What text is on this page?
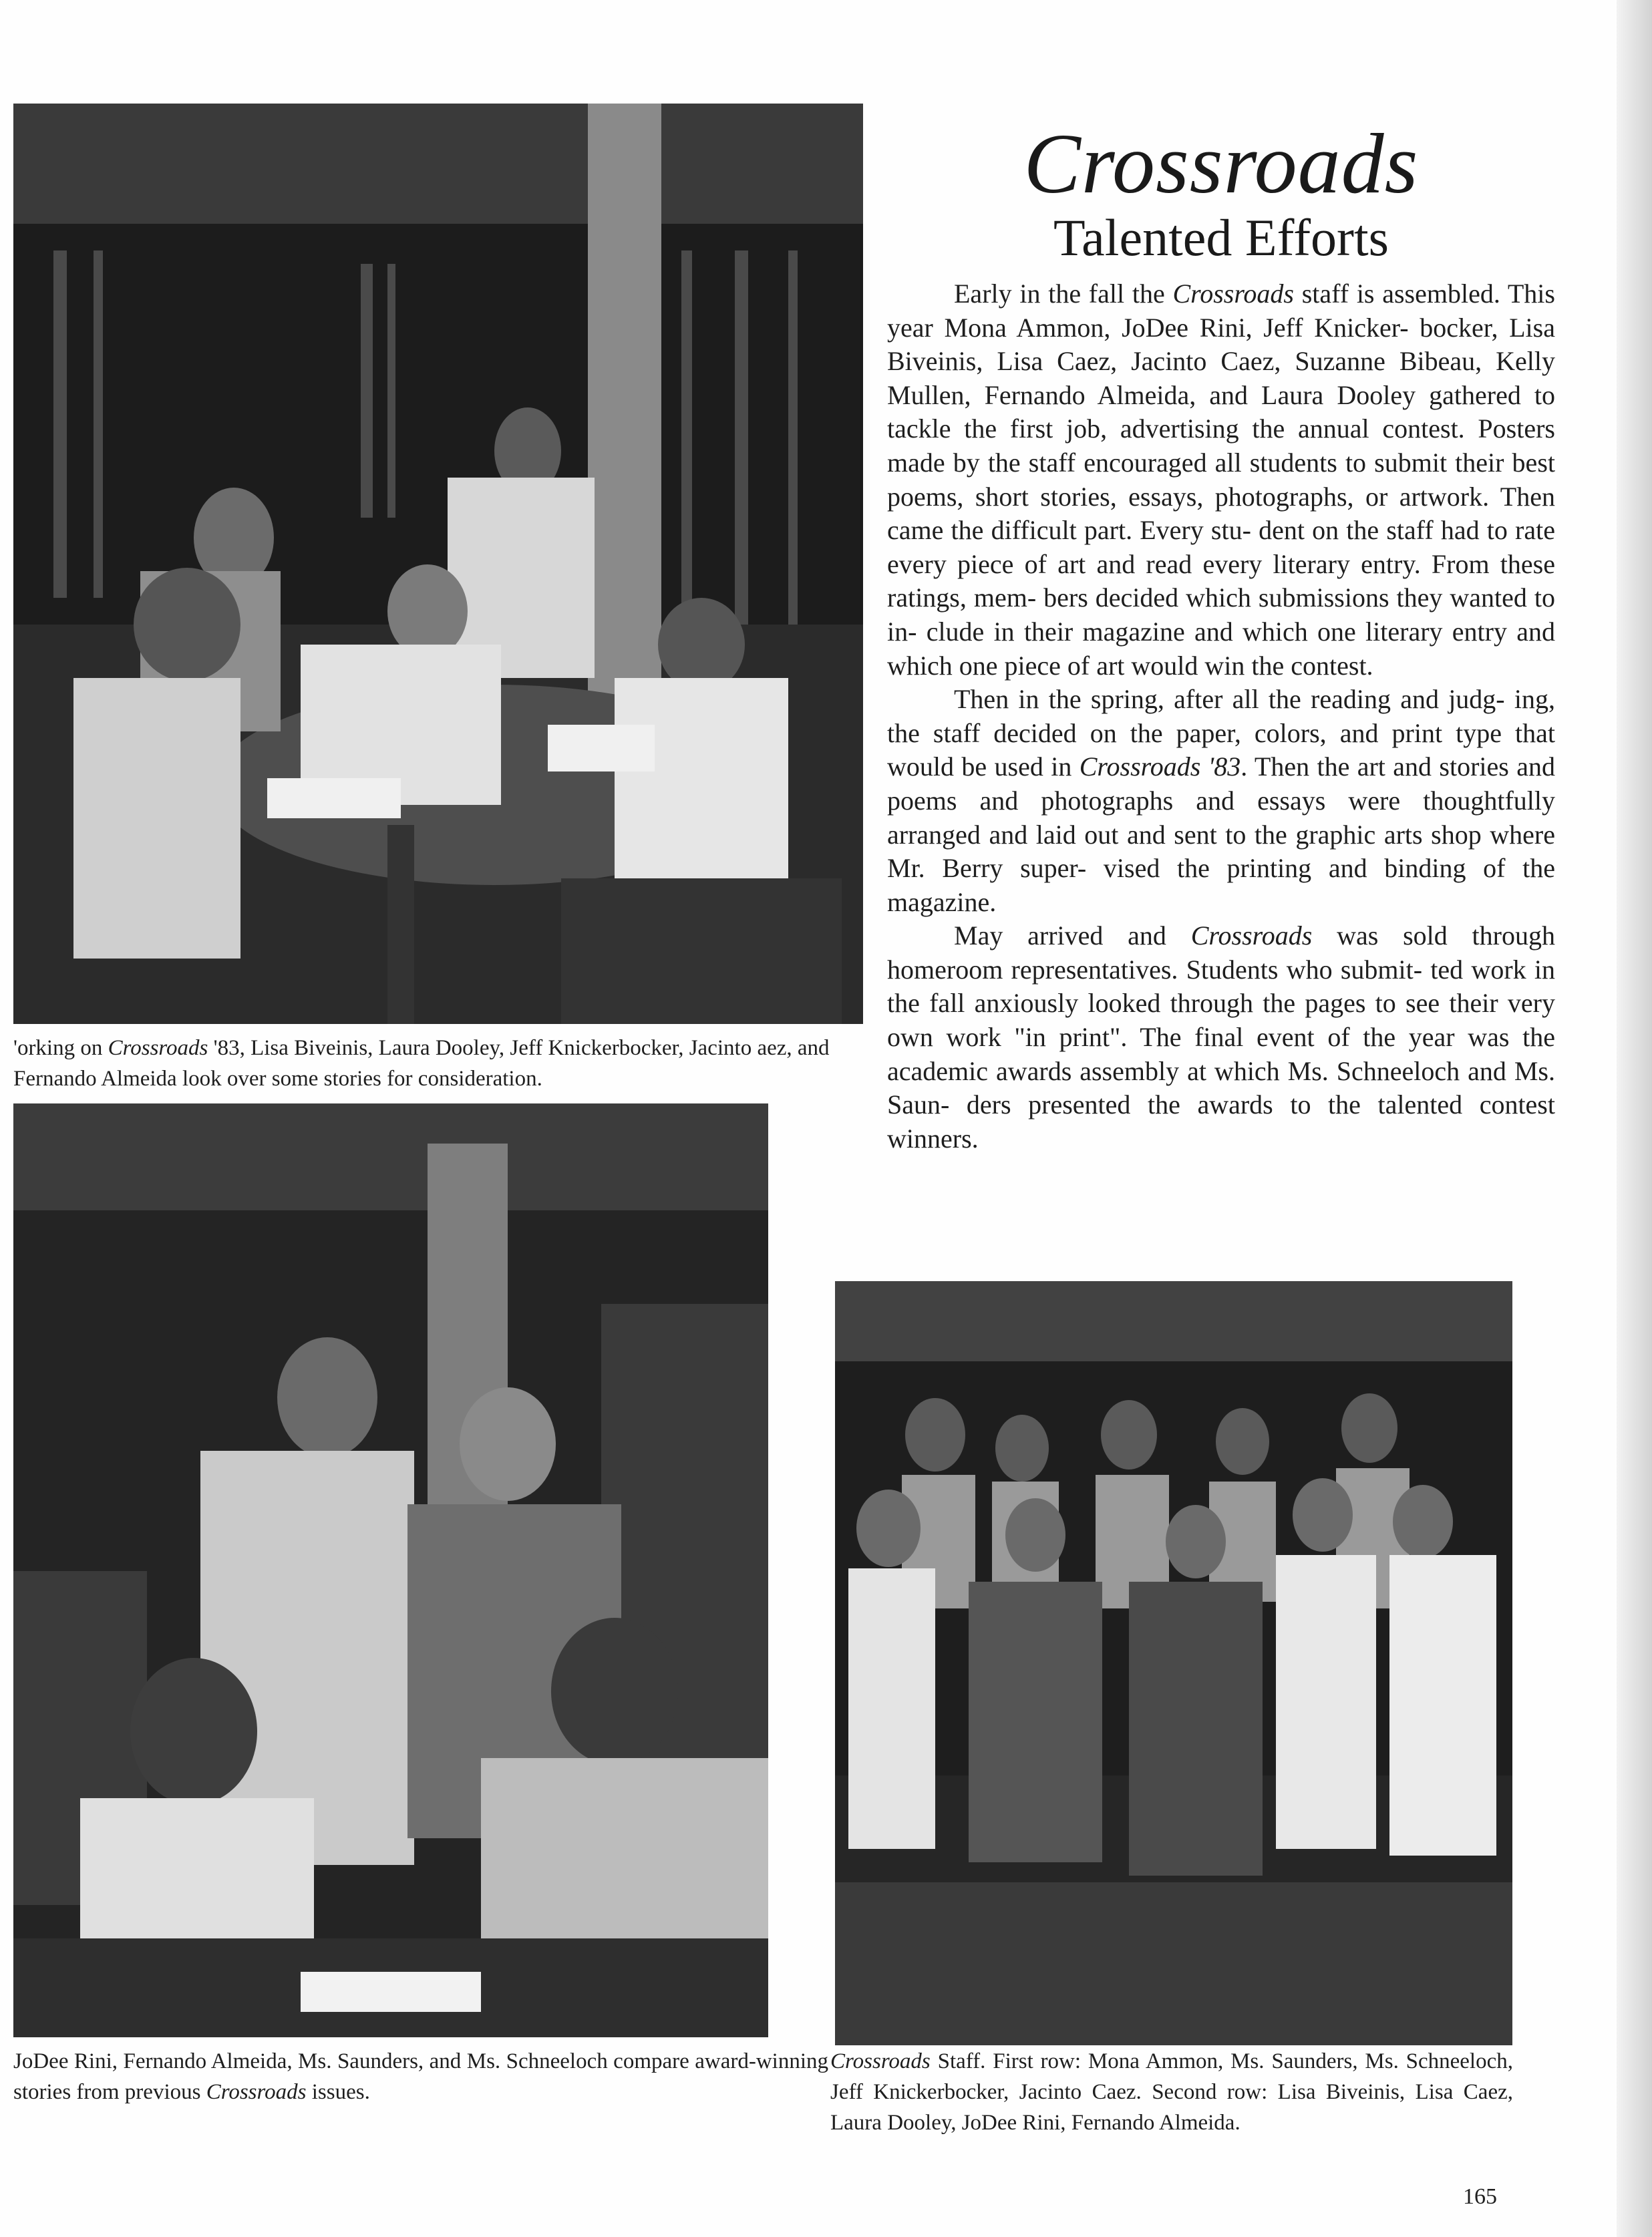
'orking on Crossroads '83, Lisa Biveinis, Laura Dooley, Jeff Knickerbocker, Jacinto aez, and Fernando Almeida look over some stories for consideration.
JoDee Rini, Fernando Almeida, Ms. Saunders, and Ms. Schneeloch compare award-winning stories from previous Crossroads issues.
Crossroads Staff. First row: Mona Ammon, Ms. Saunders, Ms. Schneeloch, Jeff Knickerbocker, Jacinto Caez. Second row: Lisa Biveinis, Lisa Caez, Laura Dooley, JoDee Rini, Fernando Almeida.
Crossroads
Talented Efforts

Early in the fall the Crossroads staff is assembled. This year Mona Ammon, JoDee Rini, Jeff Knicker- bocker, Lisa Biveinis, Lisa Caez, Jacinto Caez, Suzanne Bibeau, Kelly Mullen, Fernando Almeida, and Laura Dooley gathered to tackle the first job, advertising the annual contest. Posters made by the staff encouraged all students to submit their best poems, short stories, essays, photographs, or artwork. Then came the difficult part. Every stu- dent on the staff had to rate every piece of art and read every literary entry. From these ratings, mem- bers decided which submissions they wanted to in- clude in their magazine and which one literary entry and which one piece of art would win the contest.

Then in the spring, after all the reading and judg- ing, the staff decided on the paper, colors, and print type that would be used in Crossroads '83. Then the art and stories and poems and photographs and essays were thoughtfully arranged and laid out and sent to the graphic arts shop where Mr. Berry super- vised the printing and binding of the magazine.

May arrived and Crossroads was sold through homeroom representatives. Students who submit- ted work in the fall anxiously looked through the pages to see their very own work "in print". The final event of the year was the academic awards assembly at which Ms. Schneeloch and Ms. Saun- ders presented the awards to the talented contest winners.

165
